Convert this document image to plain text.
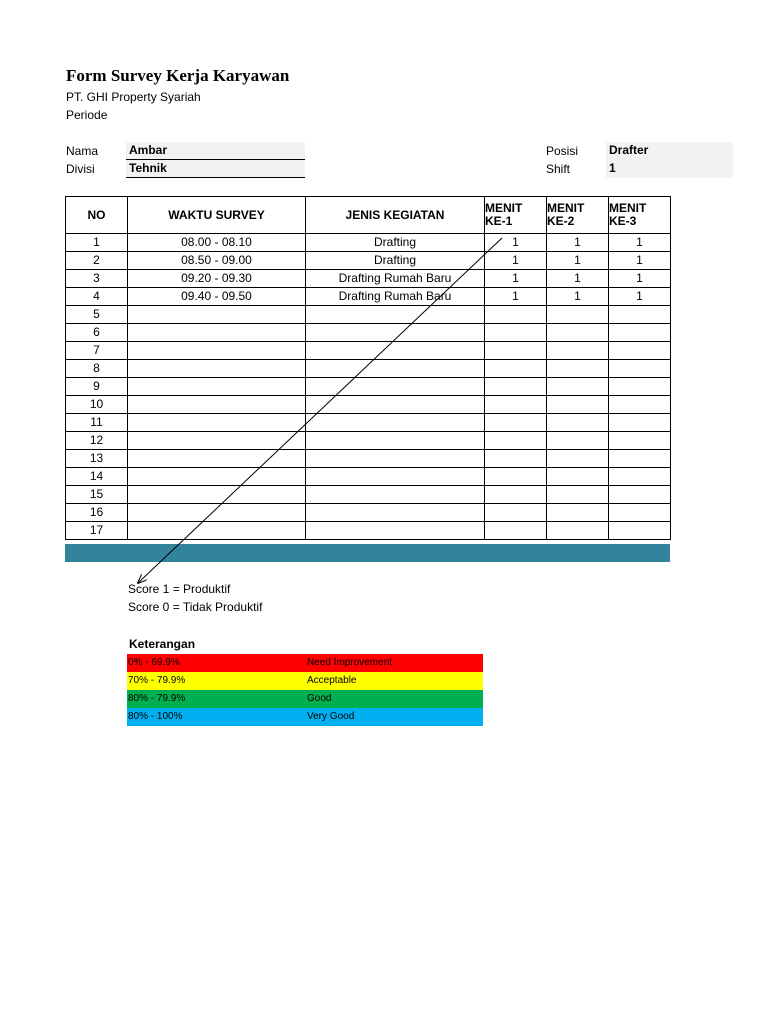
Form Survey Kerja Karyawan
PT. GHI Property Syariah
Periode
Nama	Ambar
Divisi	Tehnik
Posisi	Drafter
Shift	1
NO	WAKTU SURVEY	JENIS KEGIATAN	MENIT KE-1	MENIT KE-2	MENIT KE-3
1	08.00 - 08.10	Drafting	1	1	1
2	08.50 - 09.00	Drafting	1	1	1
3	09.20 - 09.30	Drafting Rumah Baru	1	1	1
4	09.40 - 09.50	Drafting Rumah Baru	1	1	1
5					
6					
7					
8					
9					
10					
11					
12					
13					
14					
15					
16					
17					
Score 1 = Produktif
Score 0 = Tidak Produktif
Keterangan
0% - 69.9%	Need Improvement
70% - 79.9%	Acceptable
80% - 79.9%	Good
80% - 100%	Very Good
